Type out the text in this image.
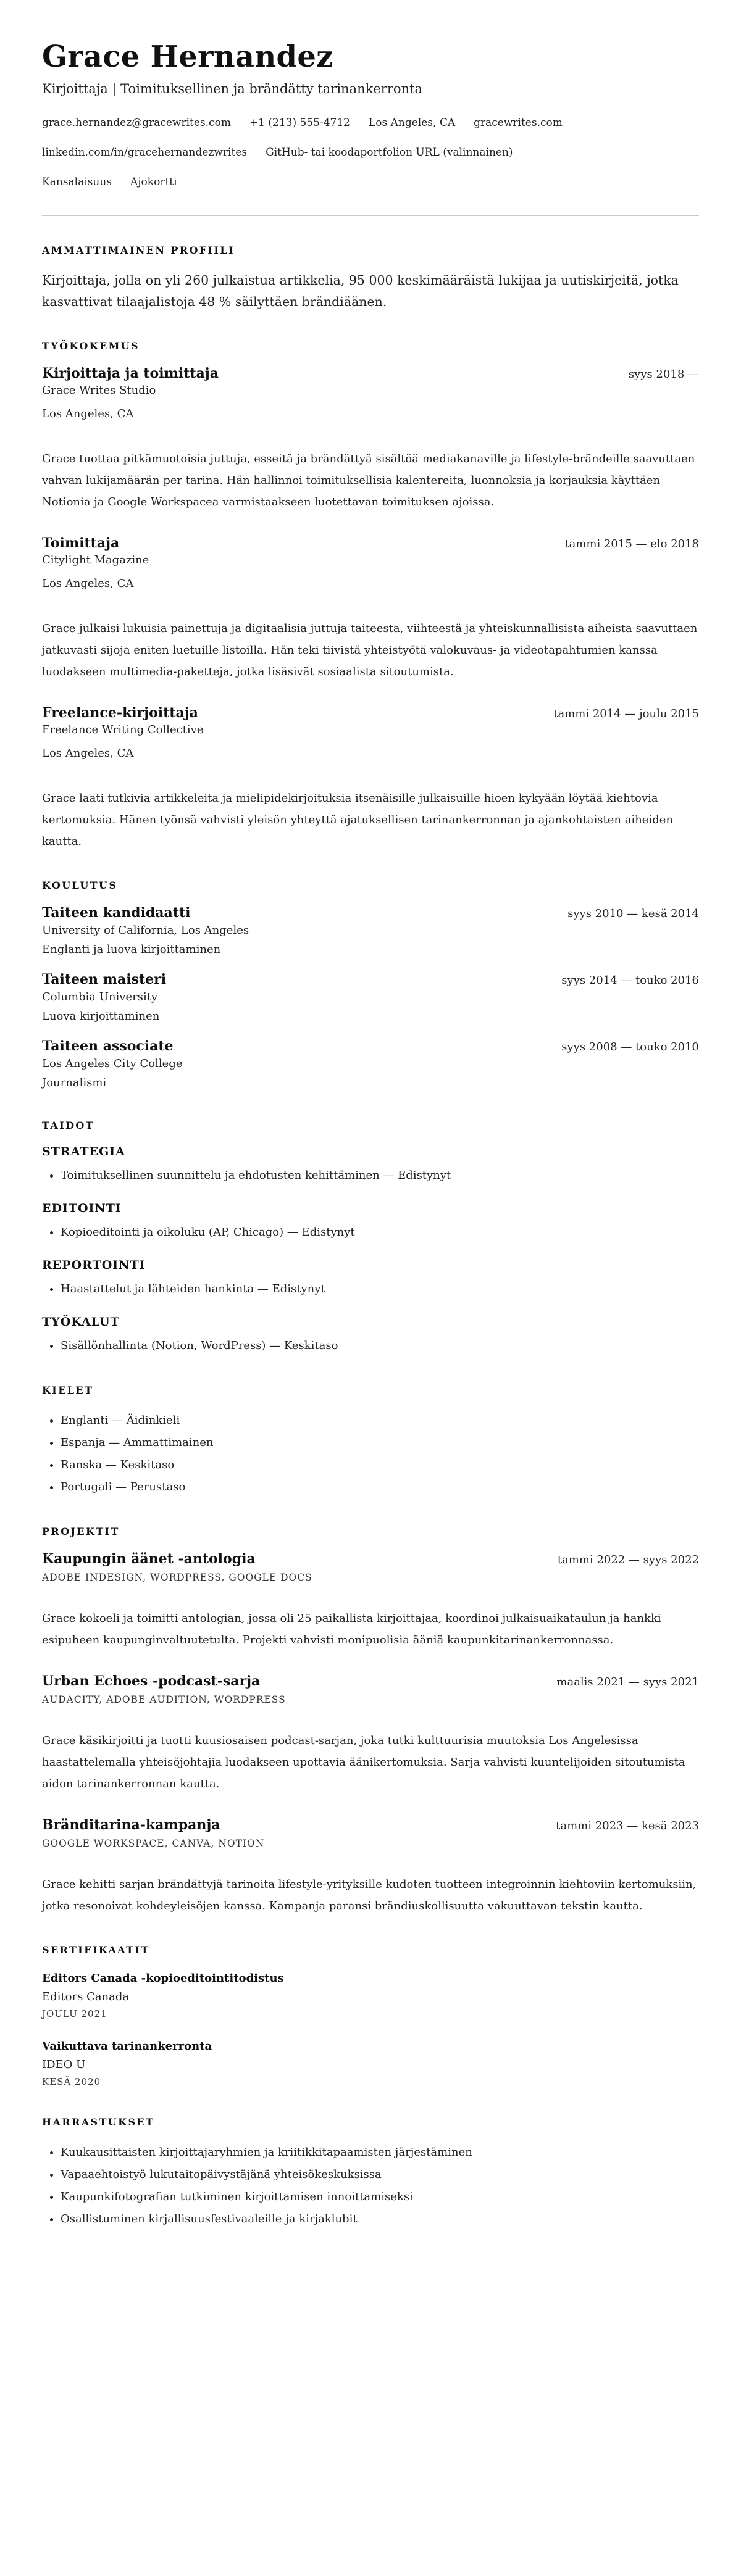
Grace Hernandez
Kirjoittaja | Toimituksellinen ja brändätty tarinankerronta
grace.hernandez@gracewrites.com +1 (213) 555-4712 Los Angeles, CA gracewrites.com
linkedin.com/in/gracehernandezwrites GitHub- tai koodaportfolion URL (valinnainen)
Kansalaisuus Ajokortti
AMMATTIMAINEN PROFIILI

Kirjoittaja, jolla on yli 260 julkaistua artikkelia, 95 000 keskimääräistä lukijaa ja uutiskirjeitä, jotka kasvattivat tilaajalistoja 48 % säilyttäen brändiäänen.

TYÖKOKEMUS
Kirjoittaja ja toimittaja	syys 2018 —
Grace Writes Studio
Los Angeles, CA

Grace tuottaa pitkämuotoisia juttuja, esseitä ja brändättyä sisältöä mediakanaville ja lifestyle-brändeille saavuttaen vahvan lukijamäärän per tarina. Hän hallinnoi toimituksellisia kalentereita, luonnoksia ja korjauksia käyttäen Notionia ja Google Workspacea varmistaakseen luotettavan toimituksen ajoissa.

Toimittaja	tammi 2015 — elo 2018
Citylight Magazine
Los Angeles, CA

Grace julkaisi lukuisia painettuja ja digitaalisia juttuja taiteesta, viihteestä ja yhteiskunnallisista aiheista saavuttaen jatkuvasti sijoja eniten luetuille listoilla. Hän teki tiivistä yhteistyötä valokuvaus- ja videotapahtumien kanssa luodakseen multimedia-paketteja, jotka lisäsivät sosiaalista sitoutumista.

Freelance-kirjoittaja	tammi 2014 — joulu 2015
Freelance Writing Collective
Los Angeles, CA

Grace laati tutkivia artikkeleita ja mielipidekirjoituksia itsenäisille julkaisuille hioen kykyään löytää kiehtovia kertomuksia. Hänen työnsä vahvisti yleisön yhteyttä ajatuksellisen tarinankerronnan ja ajankohtaisten aiheiden kautta.

KOULUTUS
Taiteen kandidaatti	syys 2010 — kesä 2014
University of California, Los Angeles
Englanti ja luova kirjoittaminen
Taiteen maisteri	syys 2014 — touko 2016
Columbia University
Luova kirjoittaminen
Taiteen associate	syys 2008 — touko 2010
Los Angeles City College
Journalismi
TAIDOT
STRATEGIA
• Toimituksellinen suunnittelu ja ehdotusten kehittäminen — Edistynyt
EDITOINTI
• Kopioeditointi ja oikoluku (AP, Chicago) — Edistynyt
REPORTOINTI
• Haastattelut ja lähteiden hankinta — Edistynyt
TYÖKALUT
• Sisällönhallinta (Notion, WordPress) — Keskitaso
KIELET
• Englanti — Äidinkieli
• Espanja — Ammattimainen
• Ranska — Keskitaso
• Portugali — Perustaso
PROJEKTIT
Kaupungin äänet -antologia	tammi 2022 — syys 2022
ADOBE INDESIGN, WORDPRESS, GOOGLE DOCS

Grace kokoeli ja toimitti antologian, jossa oli 25 paikallista kirjoittajaa, koordinoi julkaisuaikataulun ja hankki esipuheen kaupunginvaltuutetulta. Projekti vahvisti monipuolisia ääniä kaupunkitarinankerronnassa.

Urban Echoes -podcast-sarja	maalis 2021 — syys 2021
AUDACITY, ADOBE AUDITION, WORDPRESS

Grace käsikirjoitti ja tuotti kuusiosaisen podcast-sarjan, joka tutki kulttuurisia muutoksia Los Angelesissa haastattelemalla yhteisöjohtajia luodakseen upottavia äänikertomuksia. Sarja vahvisti kuuntelijoiden sitoutumista aidon tarinankerronnan kautta.

Bränditarina-kampanja	tammi 2023 — kesä 2023
GOOGLE WORKSPACE, CANVA, NOTION

Grace kehitti sarjan brändättyjä tarinoita lifestyle-yrityksille kudoten tuotteen integroinnin kiehtoviin kertomuksiin, jotka resonoivat kohdeyleisöjen kanssa. Kampanja paransi brändiuskollisuutta vakuuttavan tekstin kautta.

SERTIFIKAATIT
Editors Canada -kopioeditointitodistus
Editors Canada
JOULU 2021
Vaikuttava tarinankerronta
IDEO U
KESÄ 2020
HARRASTUKSET
• Kuukausittaisten kirjoittajaryhmien ja kriitikkitapaamisten järjestäminen
• Vapaaehtoistyö lukutaitopäivystäjänä yhteisökeskuksissa
• Kaupunkifotografian tutkiminen kirjoittamisen innoittamiseksi
• Osallistuminen kirjallisuusfestivaaleille ja kirjaklubit
